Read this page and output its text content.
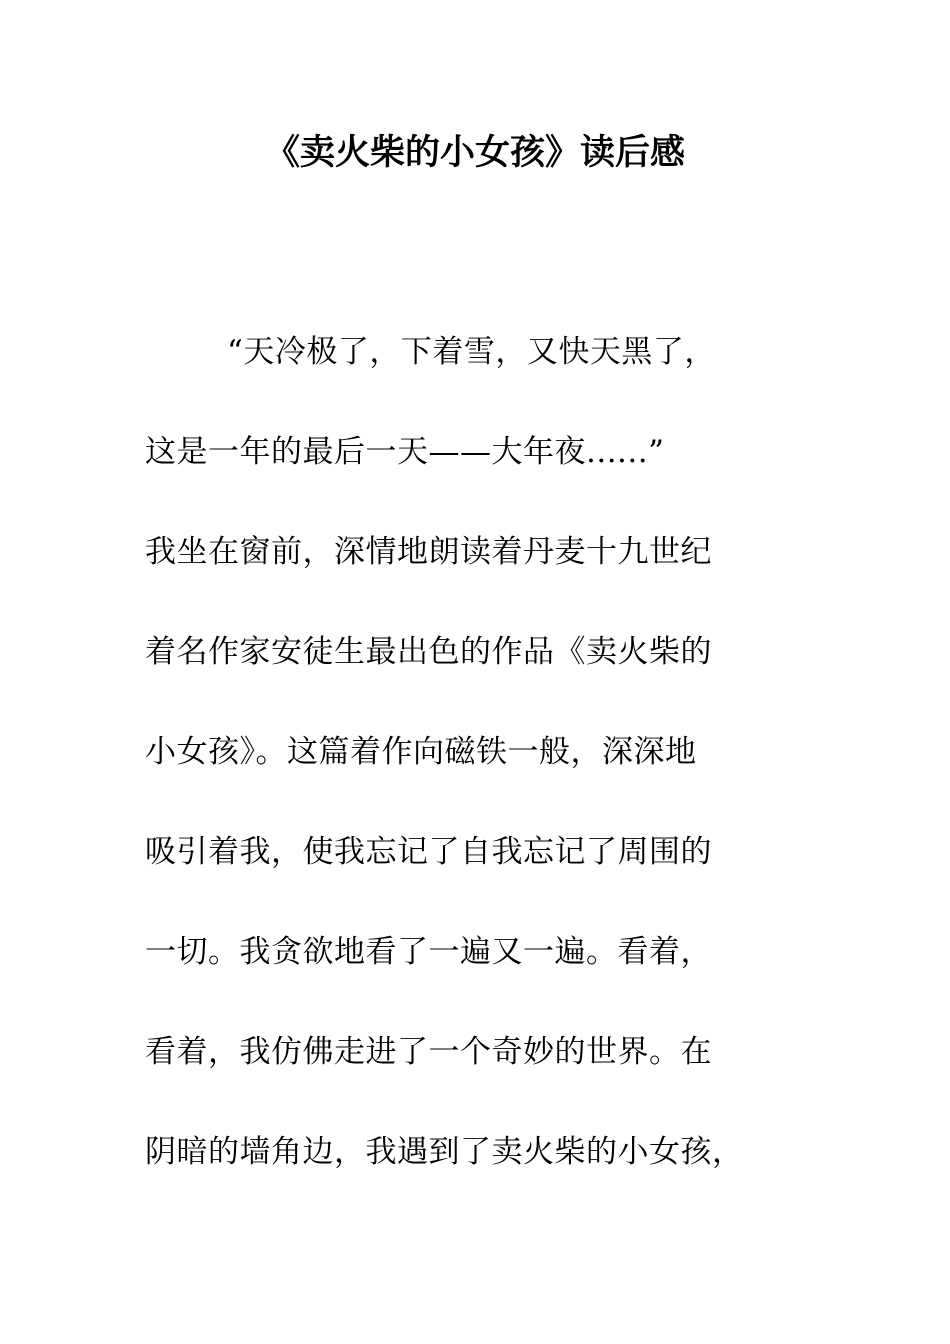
《卖火柴的小女孩》读后感
“天冷极了，下着雪，又快天黑了，
这是一年的最后一天——大年夜......”
我坐在窗前，深情地朗读着丹麦十九世纪
着名作家安徒生最出色的作品《卖火柴的
小女孩》。这篇着作向磁铁一般，深深地
吸引着我，使我忘记了自我忘记了周围的
一切。我贪欲地看了一遍又一遍。看着，
看着，我仿佛走进了一个奇妙的世界。在
阴暗的墙角边，我遇到了卖火柴的小女孩，
